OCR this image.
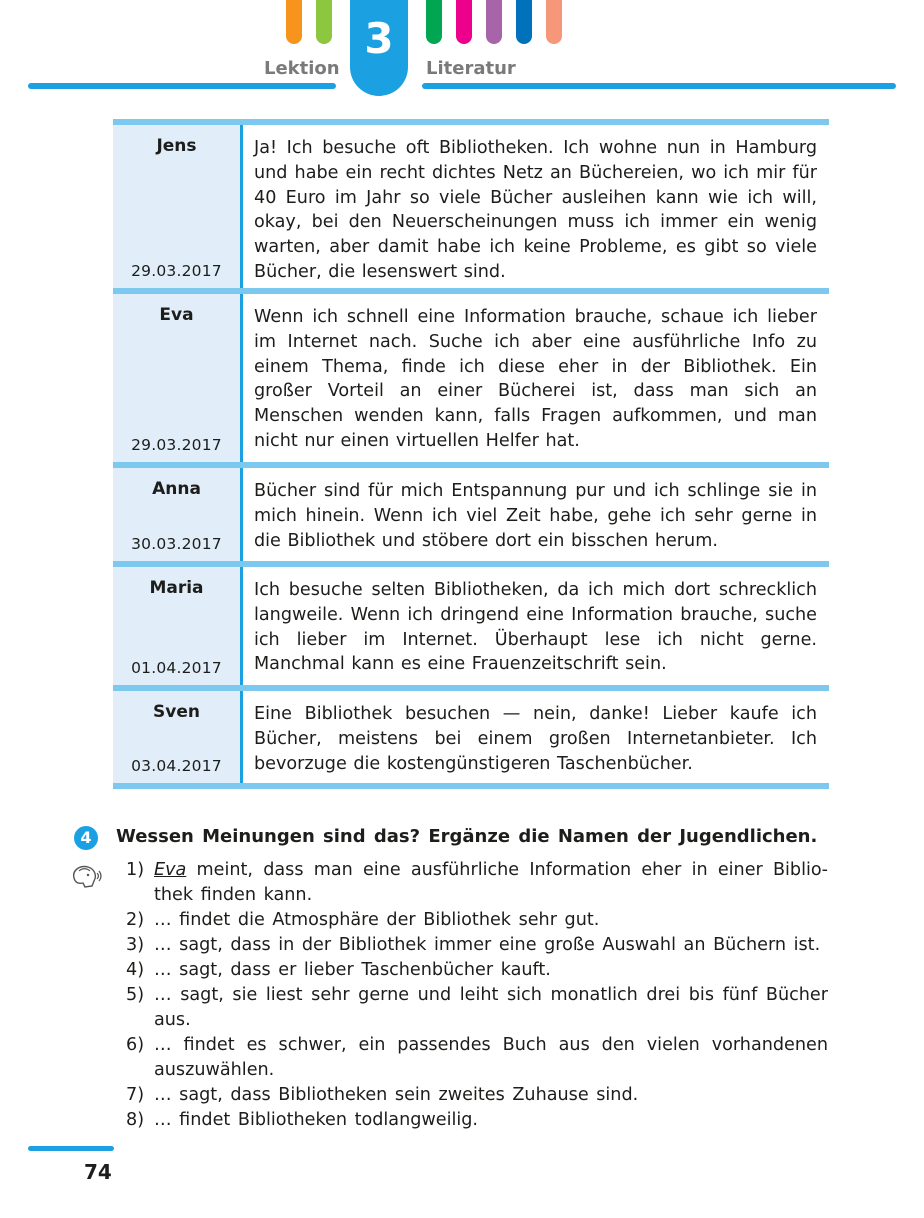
Lektion
3
Literatur
Jens
29.03.2017
Ja! Ich besuche oft Bibliotheken. Ich wohne nun in Hamburg und habe ein recht dichtes Netz an Büchereien, wo ich mir für 40 Euro im Jahr so viele Bücher ausleihen kann wie ich will, okay, bei den Neuerscheinungen muss ich immer ein wenig warten, aber damit habe ich keine Probleme, es gibt so viele Bücher, die lesenswert sind.
Eva
29.03.2017
Wenn ich schnell eine Information brauche, schaue ich lieber im Internet nach. Suche ich aber eine ausführliche Info zu einem Thema, finde ich diese eher in der Bibliothek. Ein großer Vorteil an einer Bücherei ist, dass man sich an Menschen wenden kann, falls Fragen aufkommen, und man nicht nur einen virtuellen Helfer hat.
Anna
30.03.2017
Bücher sind für mich Entspannung pur und ich schlinge sie in mich hinein. Wenn ich viel Zeit habe, gehe ich sehr gerne in die Bibliothek und stöbere dort ein bisschen herum.
Maria
01.04.2017
Ich besuche selten Bibliotheken, da ich mich dort schrecklich langweile. Wenn ich dringend eine Information brauche, suche ich lieber im Internet. Überhaupt lese ich nicht gerne. Manchmal kann es eine Frauenzeitschrift sein.
Sven
03.04.2017
Eine Bibliothek besuchen — nein, danke! Lieber kaufe ich Bücher, meistens bei einem großen Internetanbieter. Ich bevorzuge die kostengünstigeren Taschenbücher.
4	Wessen Meinungen sind das? Ergänze die Namen der Jugendlichen.
1) Eva meint, dass man eine ausführliche Information eher in einer Bibliothek finden kann.
2) … findet die Atmosphäre der Bibliothek sehr gut.
3) … sagt, dass in der Bibliothek immer eine große Auswahl an Büchern ist.
4) … sagt, dass er lieber Taschenbücher kauft.
5) … sagt, sie liest sehr gerne und leiht sich monatlich drei bis fünf Bücher aus.
6) … findet es schwer, ein passendes Buch aus den vielen vorhandenen auszuwählen.
7) … sagt, dass Bibliotheken sein zweites Zuhause sind.
8) … findet Bibliotheken todlangweilig.
74
